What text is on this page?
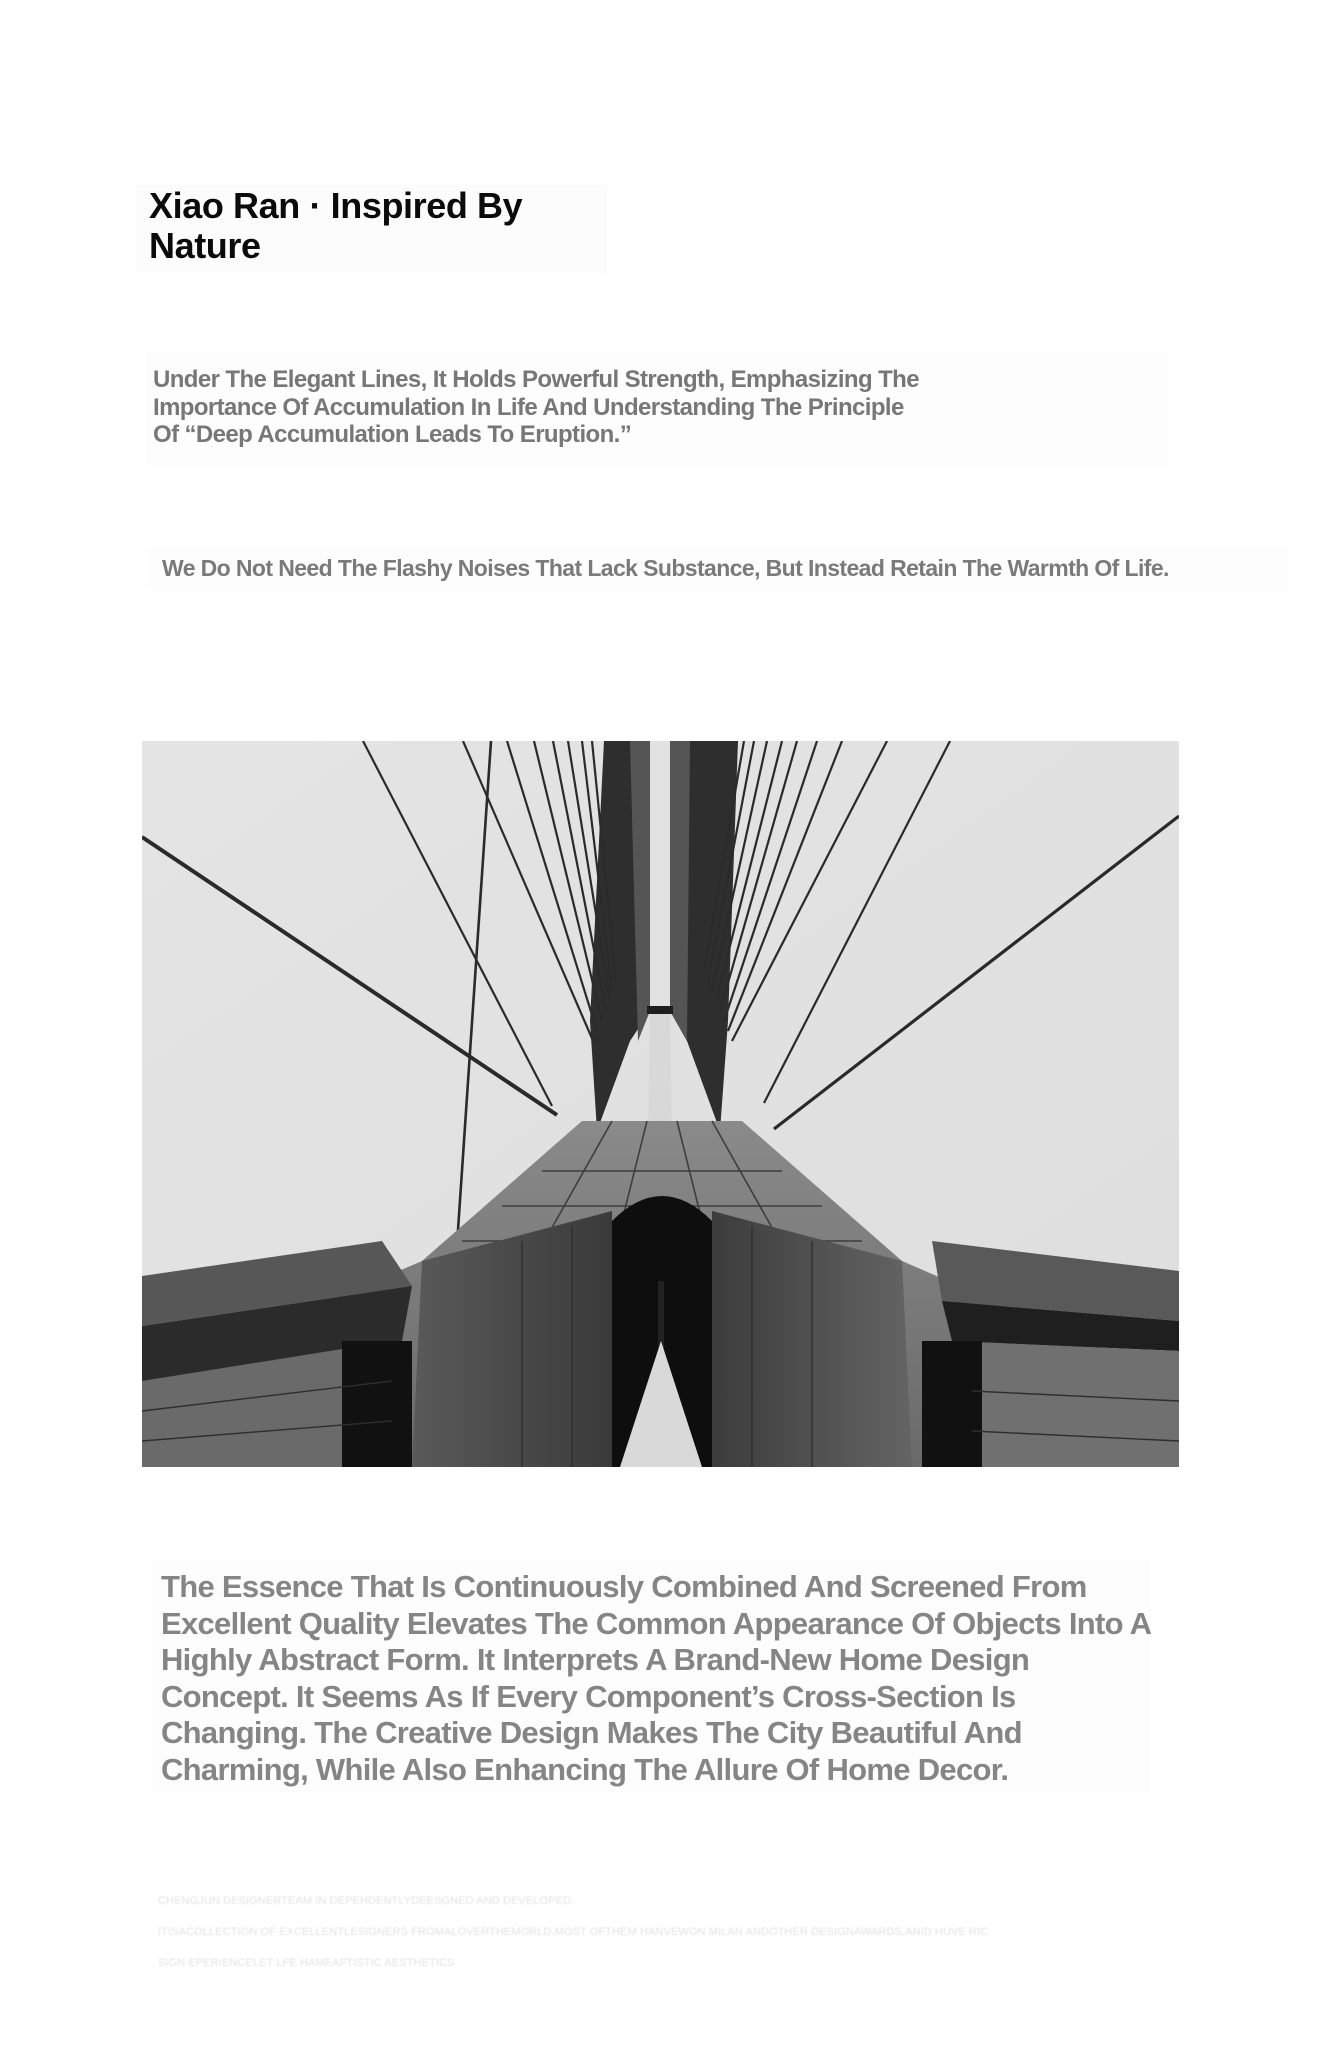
Xiao Ran · Inspired By Nature

Under The Elegant Lines, It Holds Powerful Strength, Emphasizing The Importance Of Accumulation In Life And Understanding The Principle Of “Deep Accumulation Leads To Eruption.”

We Do Not Need The Flashy Noises That Lack Substance, But Instead Retain The Warmth Of Life.

The Essence That Is Continuously Combined And Screened From Excellent Quality Elevates The Common Appearance Of Objects Into A Highly Abstract Form. It Interprets A Brand-New Home Design Concept. It Seems As If Every Component’s Cross-Section Is Changing. The Creative Design Makes The City Beautiful And Charming, While Also Enhancing The Allure Of Home Decor.

CHENGJUN DESIGNERTEAM IN DEPEHDENTLYDEESGNED AND DEVELOPED.
ITISACOLLECTION OF EXCELLENTLESIGNERS FROMALOVERTHEMORLD.MOST OFTHEM HANVEWON MILAN ANDOTHER DESIGNAWARDS,ANID HUVE RIC
SIGN EPERIENCELET LFE HAMEAFTISTIC AESTHETICS
